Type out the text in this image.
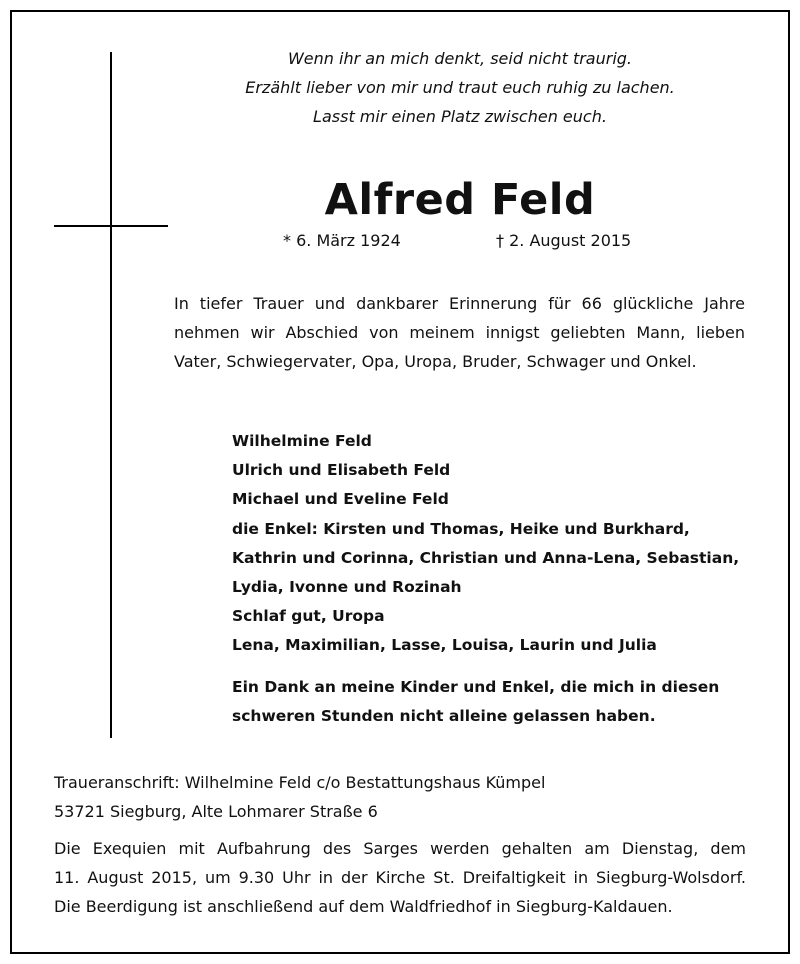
Wenn ihr an mich denkt, seid nicht traurig.
Erzählt lieber von mir und traut euch ruhig zu lachen.
Lasst mir einen Platz zwischen euch.
Alfred Feld
* 6. März 1924	† 2. August 2015
In tiefer Trauer und dankbarer Erinnerung für 66 glückliche Jahre
nehmen wir Abschied von meinem innigst geliebten Mann, lieben
Vater, Schwiegervater, Opa, Uropa, Bruder, Schwager und Onkel.
Wilhelmine Feld
Ulrich und Elisabeth Feld
Michael und Eveline Feld
die Enkel: Kirsten und Thomas, Heike und Burkhard,
Kathrin und Corinna, Christian und Anna-Lena, Sebastian,
Lydia, Ivonne und Rozinah
Schlaf gut, Uropa
Lena, Maximilian, Lasse, Louisa, Laurin und Julia
Ein Dank an meine Kinder und Enkel, die mich in diesen
schweren Stunden nicht alleine gelassen haben.
Traueranschrift: Wilhelmine Feld c/o Bestattungshaus Kümpel
53721 Siegburg, Alte Lohmarer Straße 6
Die Exequien mit Aufbahrung des Sarges werden gehalten am Dienstag, dem
11. August 2015, um 9.30 Uhr in der Kirche St. Dreifaltigkeit in Siegburg-Wolsdorf.
Die Beerdigung ist anschließend auf dem Waldfriedhof in Siegburg-Kaldauen.
